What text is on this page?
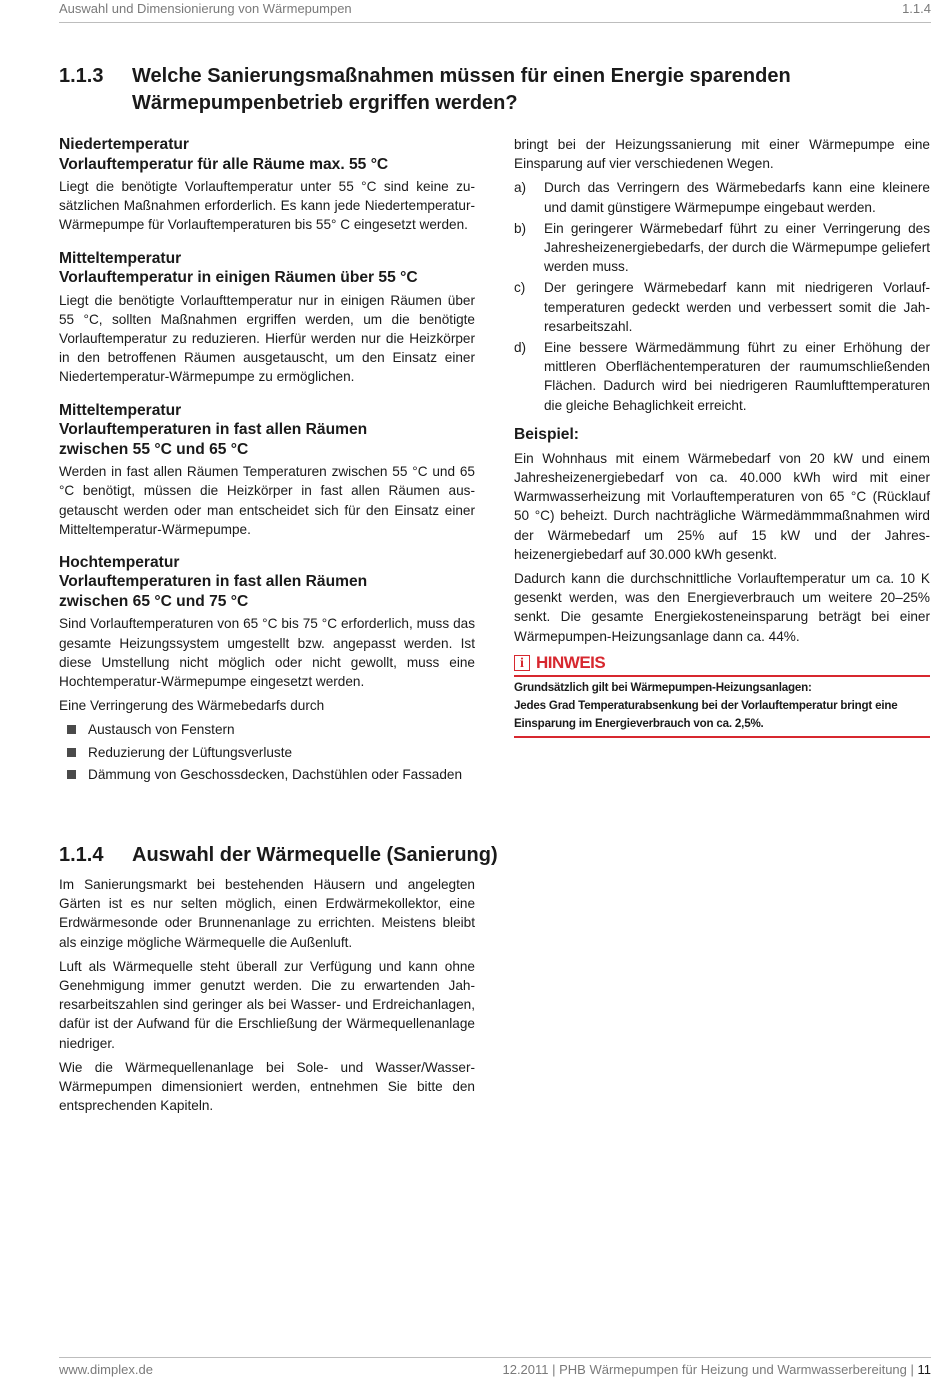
Auswahl und Dimensionierung von Wärmepumpen	1.1.4
1.1.3 Welche Sanierungsmaßnahmen müssen für einen Energie sparenden
Wärmepumpenbetrieb ergriffen werden?
Niedertemperatur
Vorlauftemperatur für alle Räume max. 55 °C

Liegt die benötigte Vorlauftemperatur unter 55 °C sind keine zusätzlichen Maßnahmen erforderlich. Es kann jede Niedertemperatur-Wärmepumpe für Vorlauftemperaturen bis 55° C eingesetzt werden.

Mitteltemperatur
Vorlauftemperatur in einigen Räumen über 55 °C

Liegt die benötigte Vorlaufttemperatur nur in einigen Räumen über 55 °C, sollten Maßnahmen ergriffen werden, um die benötigte Vorlauftemperatur zu reduzieren. Hierfür werden nur die Heizkörper in den betroffenen Räumen ausgetauscht, um den Einsatz einer Niedertemperatur-Wärmepumpe zu ermöglichen.

Mitteltemperatur
Vorlauftemperaturen in fast allen Räumen
zwischen 55 °C und 65 °C

Werden in fast allen Räumen Temperaturen zwischen 55 °C und 65 °C benötigt, müssen die Heizkörper in fast allen Räumen ausgetauscht werden oder man entscheidet sich für den Einsatz einer Mitteltemperatur-Wärmepumpe.

Hochtemperatur
Vorlauftemperaturen in fast allen Räumen
zwischen 65 °C und 75 °C

Sind Vorlauftemperaturen von 65 °C bis 75 °C erforderlich, muss das gesamte Heizungssystem umgestellt bzw. angepasst werden. Ist diese Umstellung nicht möglich oder nicht gewollt, muss eine Hochtemperatur-Wärmepumpe eingesetzt werden.

Eine Verringerung des Wärmebedarfs durch

Austausch von Fenstern
Reduzierung der Lüftungsverluste
Dämmung von Geschossdecken, Dachstühlen oder Fassaden

bringt bei der Heizungssanierung mit einer Wärmepumpe eine Einsparung auf vier verschiedenen Wegen.

a) Durch das Verringern des Wärmebedarfs kann eine kleinere und damit günstigere Wärmepumpe eingebaut werden.
b) Ein geringerer Wärmebedarf führt zu einer Verringerung des Jahresheizenergiebedarfs, der durch die Wärmepumpe geliefert werden muss.
c) Der geringere Wärmebedarf kann mit niedrigeren Vorlauftemperaturen gedeckt werden und verbessert somit die Jahresarbeitszahl.
d) Eine bessere Wärmedämmung führt zu einer Erhöhung der mittleren Oberflächentemperaturen der raumumschließenden Flächen. Dadurch wird bei niedrigeren Raumlufttemperaturen die gleiche Behaglichkeit erreicht.
Beispiel:

Ein Wohnhaus mit einem Wärmebedarf von 20 kW und einem Jahresheizenergiebedarf von ca. 40.000 kWh wird mit einer Warmwasserheizung mit Vorlauftemperaturen von 65 °C (Rücklauf 50 °C) beheizt. Durch nachträgliche Wärmedämmmaßnahmen wird der Wärmebedarf um 25% auf 15 kW und der Jahresheizenergiebedarf auf 30.000 kWh gesenkt.

Dadurch kann die durchschnittliche Vorlauftemperatur um ca. 10 K gesenkt werden, was den Energieverbrauch um weitere 20–25% senkt. Die gesamte Energiekosteneinsparung beträgt bei einer Wärmepumpen-Heizungsanlage dann ca. 44%.

i HINWEIS
Grundsätzlich gilt bei Wärmepumpen-Heizungsanlagen:
Jedes Grad Temperaturabsenkung bei der Vorlauftemperatur bringt eine Einsparung im Energieverbrauch von ca. 2,5%.
1.1.4 Auswahl der Wärmequelle (Sanierung)

Im Sanierungsmarkt bei bestehenden Häusern und angelegten Gärten ist es nur selten möglich, einen Erdwärmekollektor, eine Erdwärmesonde oder Brunnenanlage zu errichten. Meistens bleibt als einzige mögliche Wärmequelle die Außenluft.

Luft als Wärmequelle steht überall zur Verfügung und kann ohne Genehmigung immer genutzt werden. Die zu erwartenden Jahresarbeitszahlen sind geringer als bei Wasser- und Erdreichanlagen, dafür ist der Aufwand für die Erschließung der Wärmequellenanlage niedriger.

Wie die Wärmequellenanlage bei Sole- und Wasser/Wasser-Wärmepumpen dimensioniert werden, entnehmen Sie bitte den entsprechenden Kapiteln.

www.dimplex.de	12.2011 | PHB Wärmepumpen für Heizung und Warmwasserbereitung | 11
